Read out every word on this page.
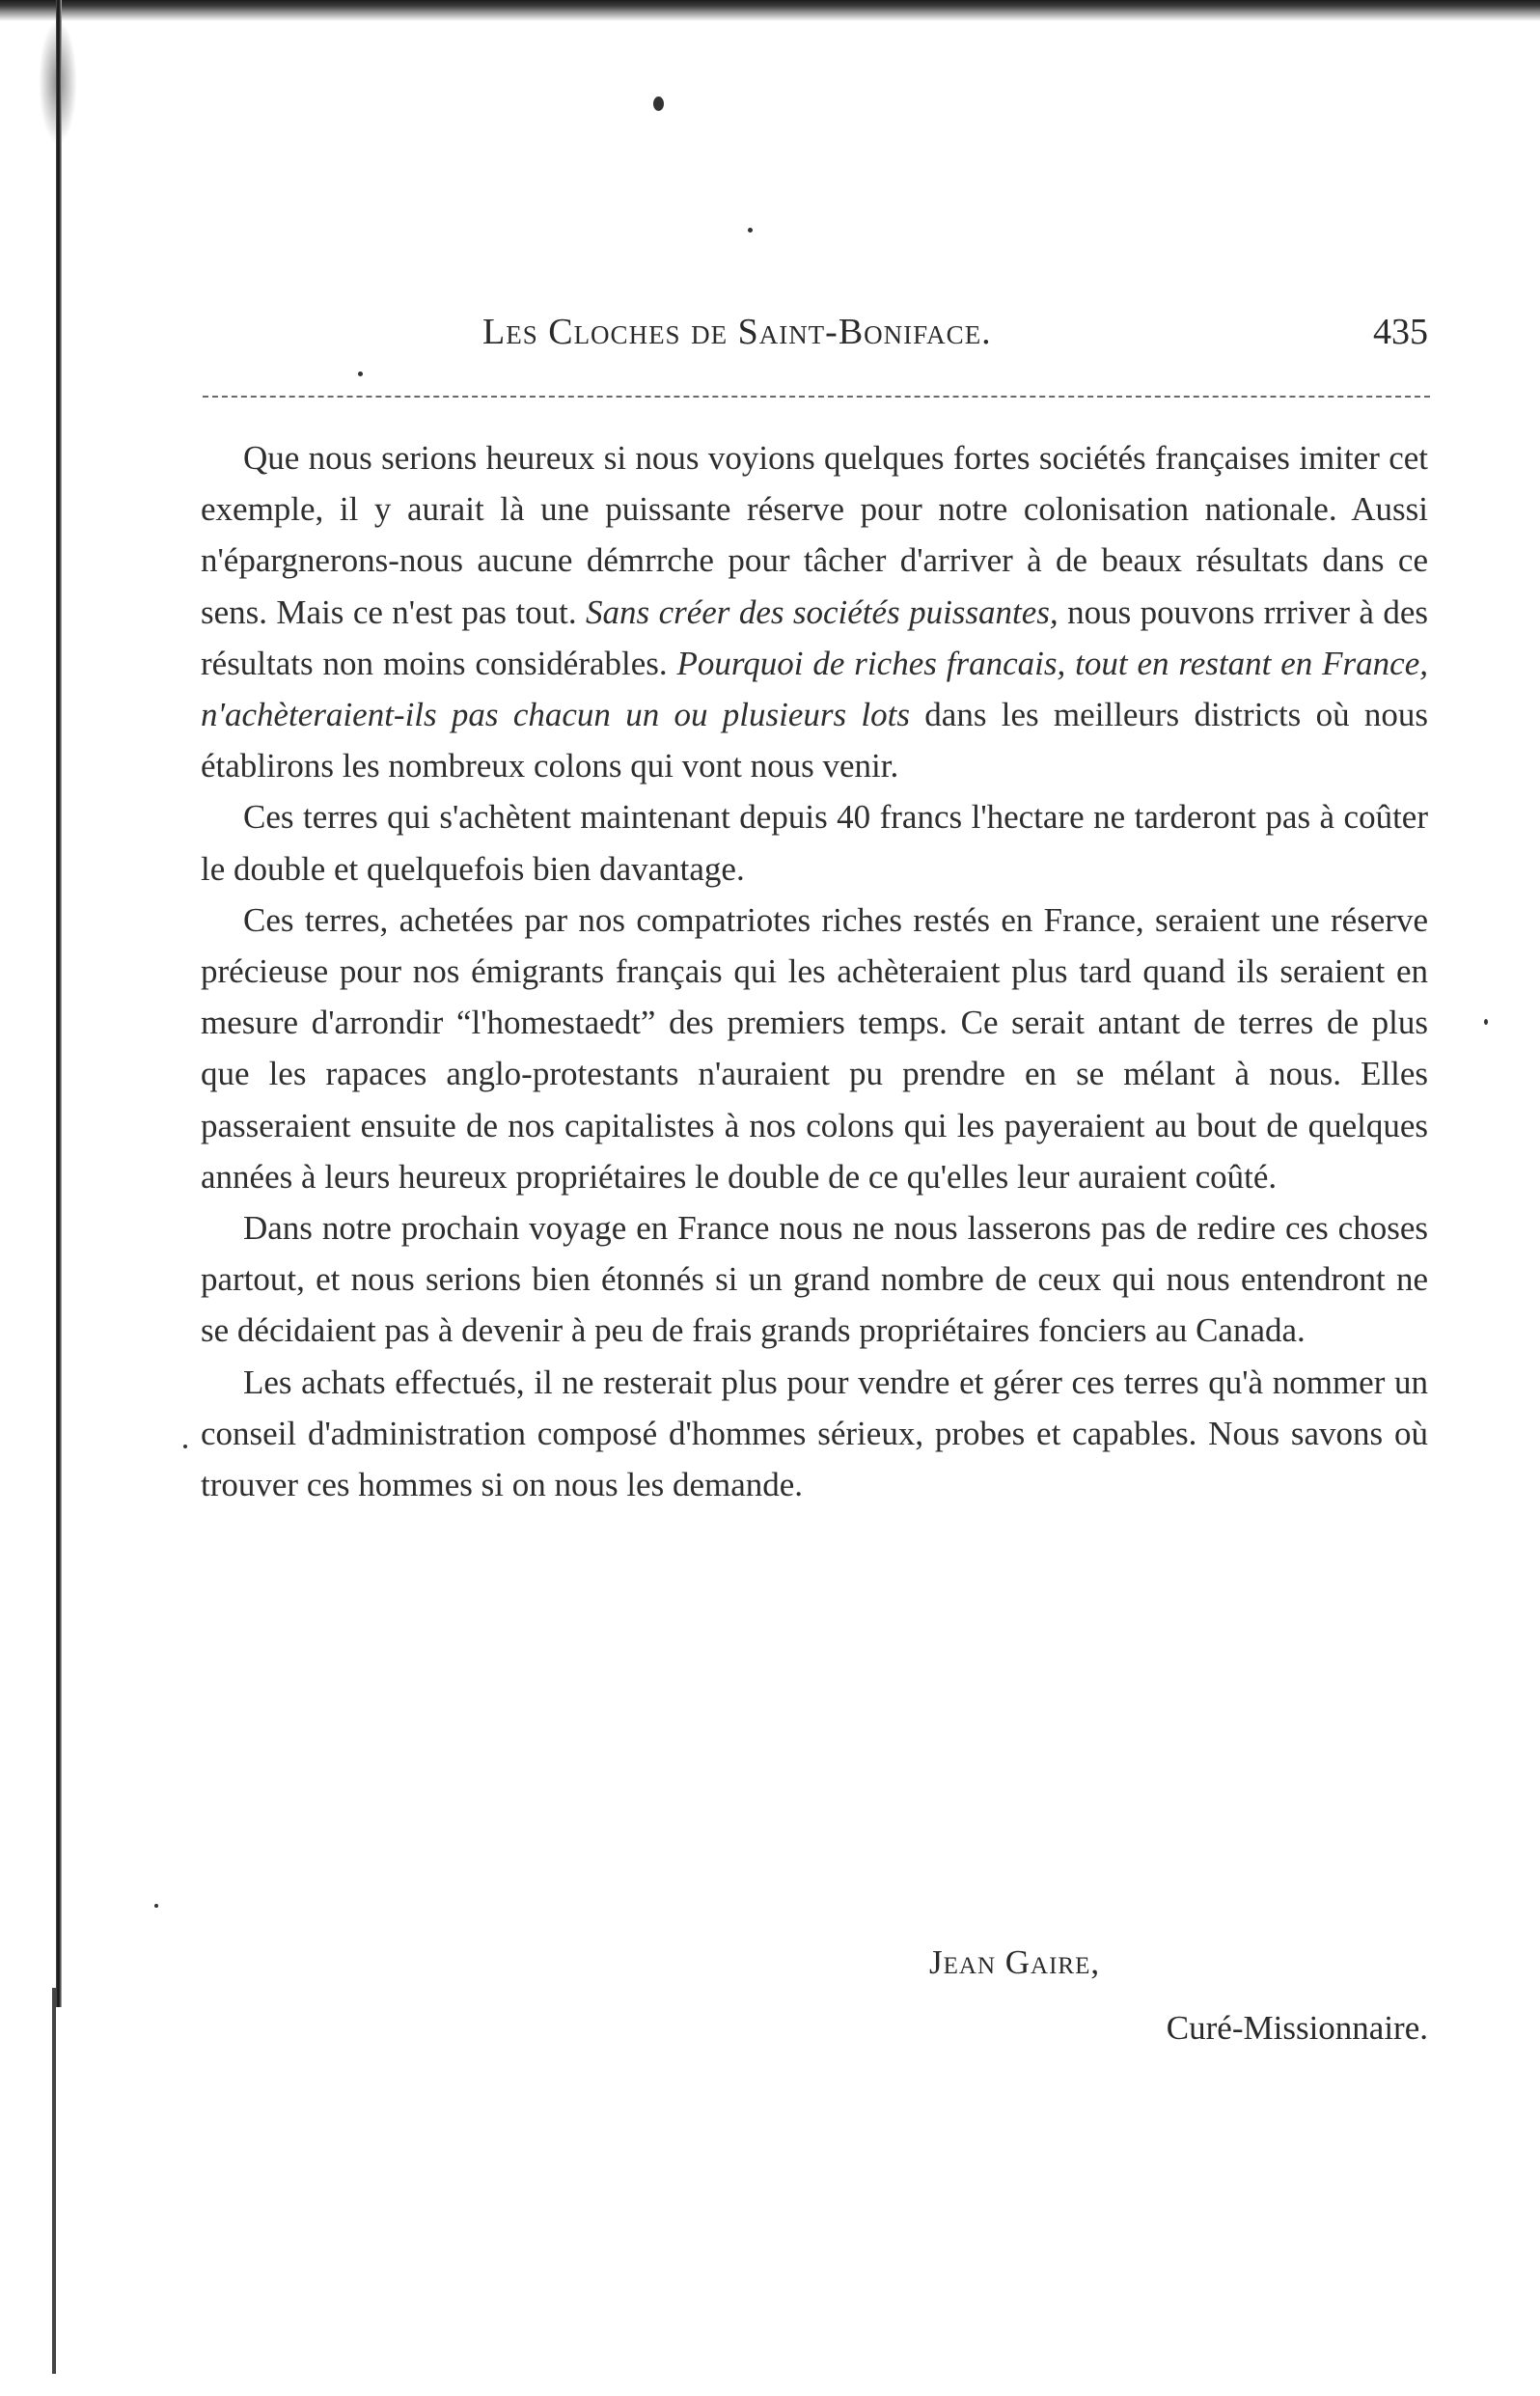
Les Cloches de Saint-Boniface.	435

Que nous serions heureux si nous voyions quelques fortes sociétés françaises imiter cet exemple, il y aurait là une puissante réserve pour notre colonisation nationale. Aussi n'épargnerons-nous aucune démrrche pour tâcher d'arriver à de beaux résultats dans ce sens. Mais ce n'est pas tout. Sans créer des sociétés puissantes, nous pouvons rrriver à des résultats non moins considérables. Pourquoi de riches francais, tout en restant en France, n'achèteraient-ils pas chacun un ou plusieurs lots dans les meilleurs districts où nous établirons les nombreux colons qui vont nous venir.

Ces terres qui s'achètent maintenant depuis 40 francs l'hectare ne tarderont pas à coûter le double et quelquefois bien davantage.

Ces terres, achetées par nos compatriotes riches restés en France, seraient une réserve précieuse pour nos émigrants français qui les achèteraient plus tard quand ils seraient en mesure d'arrondir “l'homestaedt” des premiers temps. Ce serait antant de terres de plus que les rapaces anglo-protestants n'auraient pu prendre en se mélant à nous. Elles passeraient ensuite de nos capitalistes à nos colons qui les payeraient au bout de quelques années à leurs heureux propriétaires le double de ce qu'elles leur auraient coûté.

Dans notre prochain voyage en France nous ne nous lasserons pas de redire ces choses partout, et nous serions bien étonnés si un grand nombre de ceux qui nous entendront ne se décidaient pas à devenir à peu de frais grands propriétaires fonciers au Canada.

Les achats effectués, il ne resterait plus pour vendre et gérer ces terres qu'à nommer un conseil d'administration composé d'hommes sérieux, probes et capables. Nous savons où trouver ces hommes si on nous les demande.

Jean Gaire,
Curé-Missionnaire.
